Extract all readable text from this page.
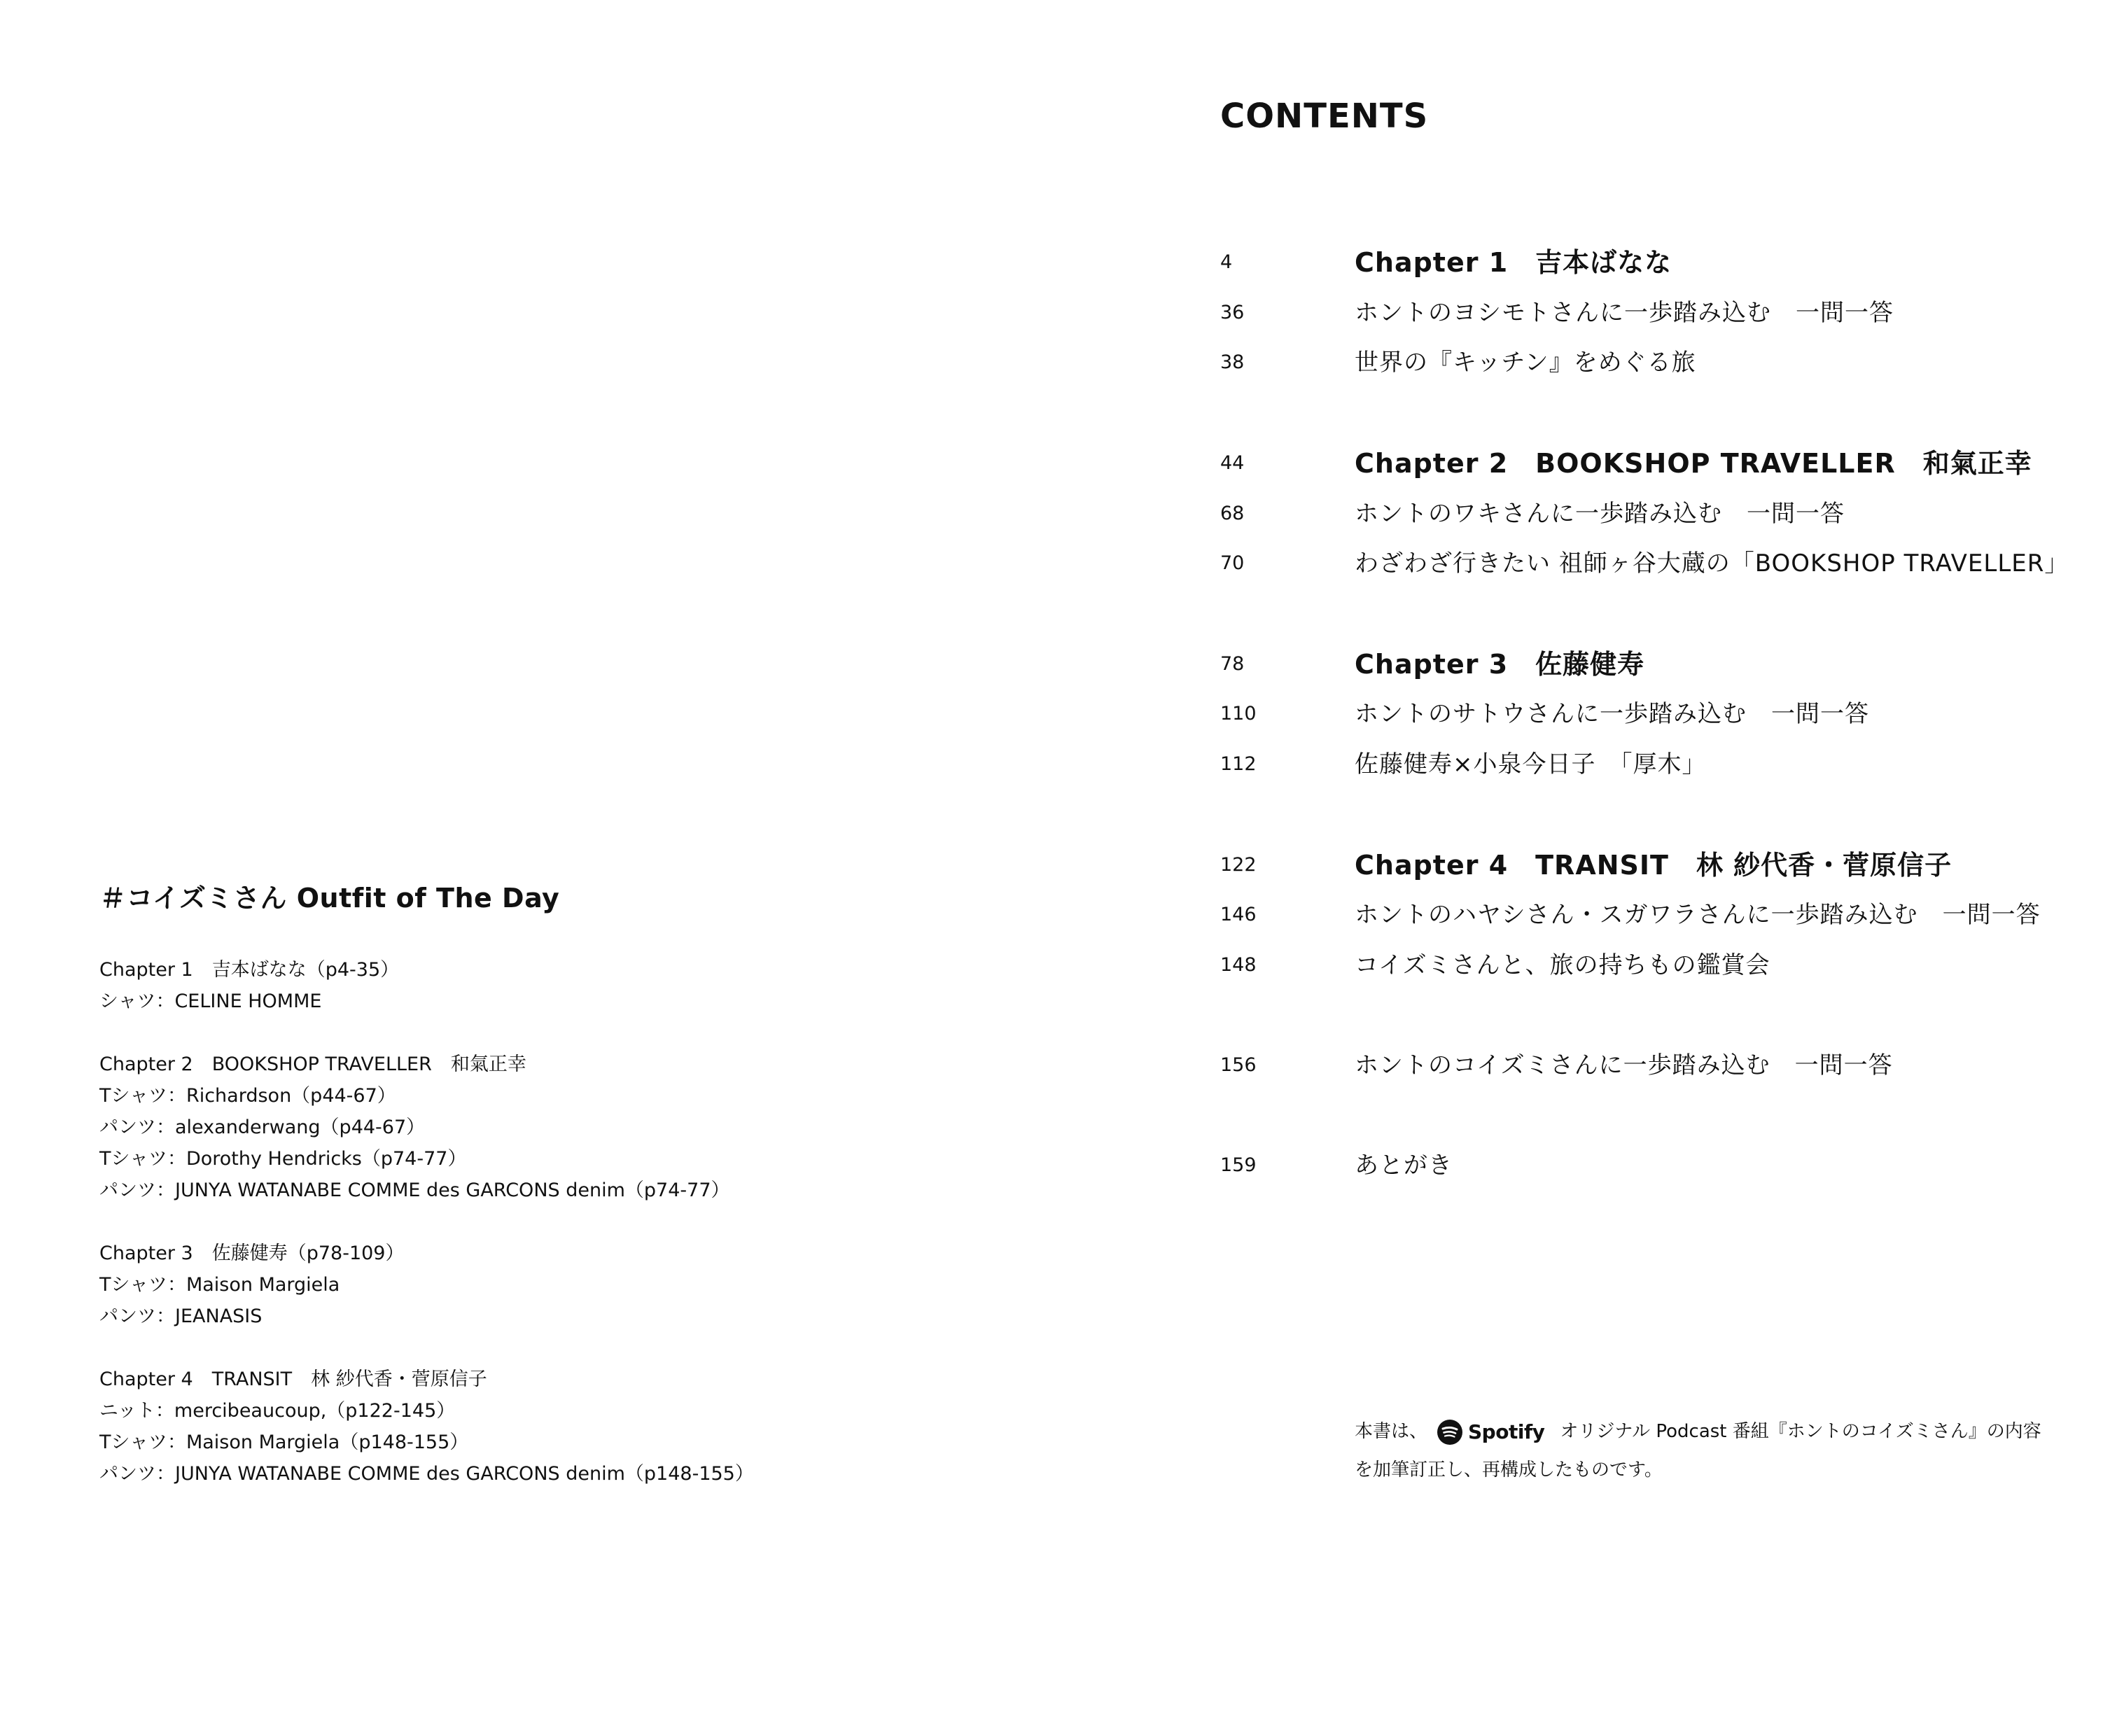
＃コイズミさん Outfit of The Day
Chapter 1　吉本ばなな（p4-35）
シャツ：CELINE HOMME
Chapter 2　BOOKSHOP TRAVELLER　和氣正幸
Tシャツ：Richardson（p44-67）
パンツ：alexanderwang（p44-67）
Tシャツ：Dorothy Hendricks（p74-77）
パンツ：JUNYA WATANABE COMME des GARCONS denim（p74-77）
Chapter 3　佐藤健寿（p78-109）
Tシャツ：Maison Margiela
パンツ：JEANASIS
Chapter 4　TRANSIT　林 紗代香・菅原信子
ニット：mercibeaucoup,（p122-145）
Tシャツ：Maison Margiela（p148-155）
パンツ：JUNYA WATANABE COMME des GARCONS denim（p148-155）
CONTENTS
4	Chapter 1　吉本ばなな
36	ホントのヨシモトさんに一歩踏み込む　一問一答
38	世界の『キッチン』をめぐる旅
44	Chapter 2　BOOKSHOP TRAVELLER　和氣正幸
68	ホントのワキさんに一歩踏み込む　一問一答
70	わざわざ行きたい 祖師ヶ谷大蔵の「BOOKSHOP TRAVELLER」
78	Chapter 3　佐藤健寿
110	ホントのサトウさんに一歩踏み込む　一問一答
112	佐藤健寿×小泉今日子　「厚木」
122	Chapter 4　TRANSIT　林 紗代香・菅原信子
146	ホントのハヤシさん・スガワラさんに一歩踏み込む　一問一答
148	コイズミさんと、旅の持ちもの鑑賞会
156	ホントのコイズミさんに一歩踏み込む　一問一答
159	あとがき
本書は、 Spotify オリジナル Podcast 番組『ホントのコイズミさん』の内容
を加筆訂正し、再構成したものです。
